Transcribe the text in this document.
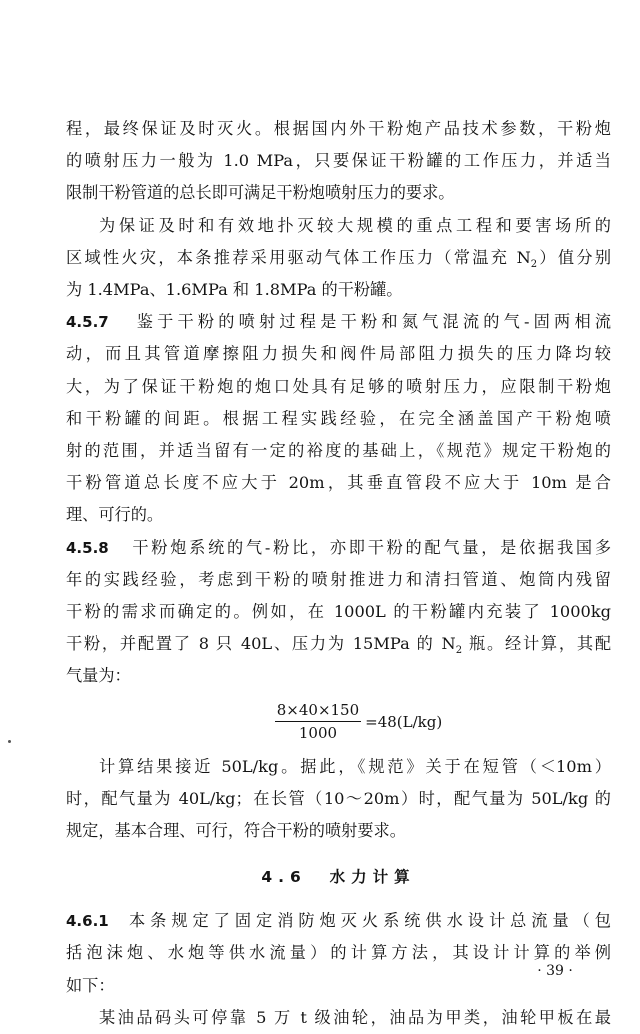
程，最终保证及时灭火。根据国内外干粉炮产品技术参数，干粉炮
的喷射压力一般为 1.0 MPa，只要保证干粉罐的工作压力，并适当
限制干粉管道的总长即可满足干粉炮喷射压力的要求。
为保证及时和有效地扑灭较大规模的重点工程和要害场所的
区域性火灾，本条推荐采用驱动气体工作压力（常温充 $N_2$）值分别
为 1.4MPa、1.6MPa 和 1.8MPa 的干粉罐。
4.5.7 鉴于干粉的喷射过程是干粉和氮气混流的气-固两相流
动，而且其管道摩擦阻力损失和阀件局部阻力损失的压力降均较
大，为了保证干粉炮的炮口处具有足够的喷射压力，应限制干粉炮
和干粉罐的间距。根据工程实践经验，在完全涵盖国产干粉炮喷
射的范围，并适当留有一定的裕度的基础上，《规范》规定干粉炮的
干粉管道总长度不应大于 20m，其垂直管段不应大于 10m 是合
理、可行的。
4.5.8 干粉炮系统的气-粉比，亦即干粉的配气量，是依据我国多
年的实践经验，考虑到干粉的喷射推进力和清扫管道、炮筒内残留
干粉的需求而确定的。例如，在 1000L 的干粉罐内充装了 1000kg
干粉，并配置了 8 只 40L、压力为 15MPa 的 $N_2$ 瓶。经计算，其配
气量为：
$\frac{8\times 40\times 150}{1000} =48(L/kg)$
计算结果接近 50L/kg。据此，《规范》关于在短管（＜10m）
时，配气量为 40L/kg；在长管（10～20m）时，配气量为 50L/kg 的
规定，基本合理、可行，符合干粉的喷射要求。
4.6 水力计算
4.6.1 本条规定了固定消防炮灭火系统供水设计总流量（包
括泡沫炮、水炮等供水流量）的计算方法，其设计计算的举例
如下：
某油品码头可停靠 5 万 t 级油轮，油品为甲类，油轮甲板在最
· 39 ·
